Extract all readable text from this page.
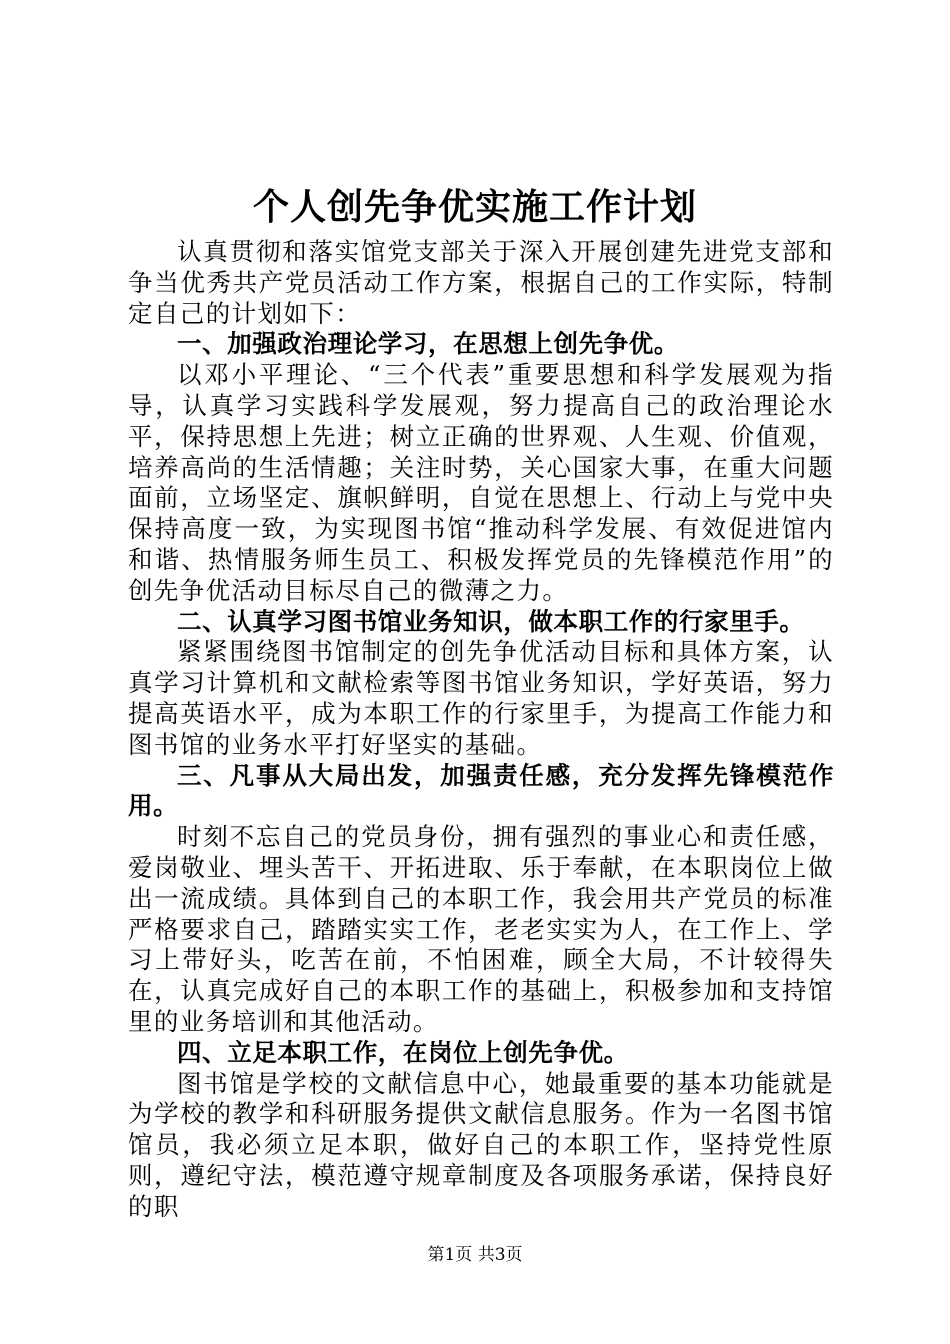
个人创先争优实施工作计划

认真贯彻和落实馆党支部关于深入开展创建先进党支部和争当优秀共产党员活动工作方案，根据自己的工作实际，特制定自己的计划如下：

一、加强政治理论学习，在思想上创先争优。

以邓小平理论、“三个代表”重要思想和科学发展观为指导，认真学习实践科学发展观，努力提高自己的政治理论水平，保持思想上先进；树立正确的世界观、人生观、价值观，培养高尚的生活情趣；关注时势，关心国家大事，在重大问题面前，立场坚定、旗帜鲜明，自觉在思想上、行动上与党中央保持高度一致，为实现图书馆“推动科学发展、有效促进馆内和谐、热情服务师生员工、积极发挥党员的先锋模范作用”的创先争优活动目标尽自己的微薄之力。

二、认真学习图书馆业务知识，做本职工作的行家里手。

紧紧围绕图书馆制定的创先争优活动目标和具体方案，认真学习计算机和文献检索等图书馆业务知识，学好英语，努力提高英语水平，成为本职工作的行家里手，为提高工作能力和图书馆的业务水平打好坚实的基础。

三、凡事从大局出发，加强责任感，充分发挥先锋模范作用。

时刻不忘自己的党员身份，拥有强烈的事业心和责任感，爱岗敬业、埋头苦干、开拓进取、乐于奉献，在本职岗位上做出一流成绩。具体到自己的本职工作，我会用共产党员的标准严格要求自己，踏踏实实工作，老老实实为人，在工作上、学习上带好头，吃苦在前，不怕困难，顾全大局，不计较得失在，认真完成好自己的本职工作的基础上，积极参加和支持馆里的业务培训和其他活动。

四、立足本职工作，在岗位上创先争优。

图书馆是学校的文献信息中心，她最重要的基本功能就是为学校的教学和科研服务提供文献信息服务。作为一名图书馆馆员，我必须立足本职，做好自己的本职工作，坚持党性原则，遵纪守法，模范遵守规章制度及各项服务承诺，保持良好的职

第1页 共3页
